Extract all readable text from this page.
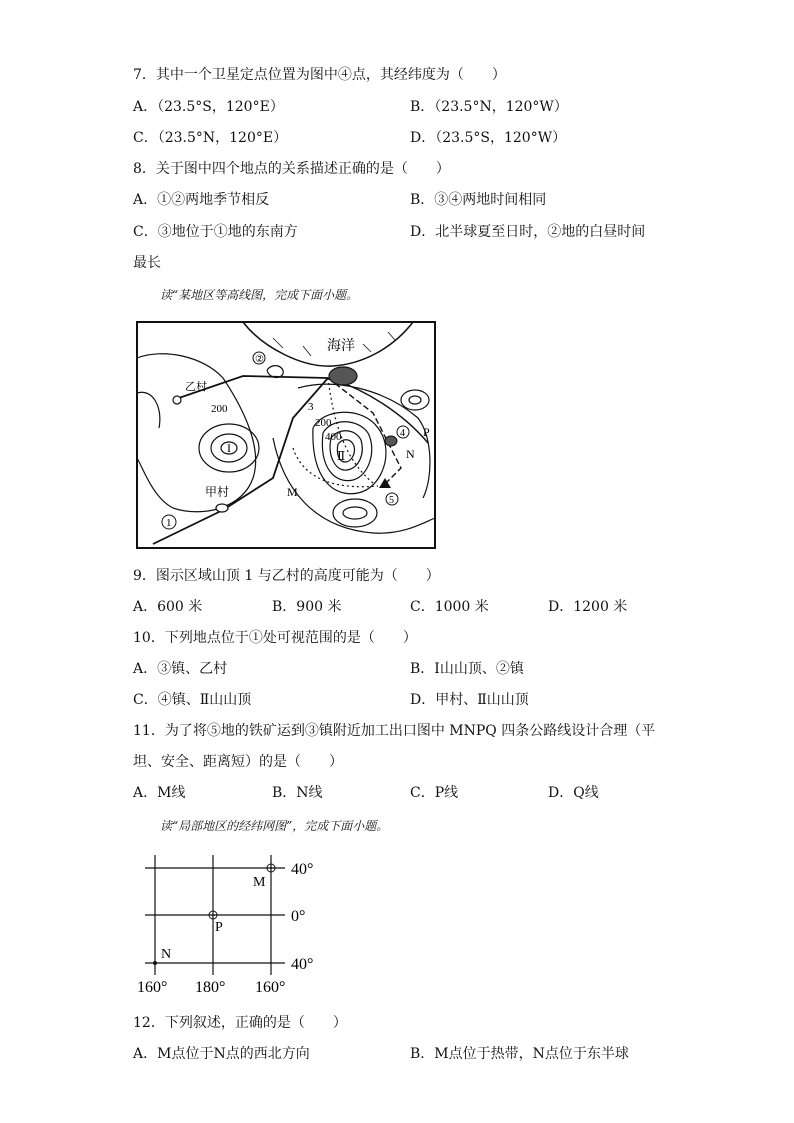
7．其中一个卫星定点位置为图中④点，其经纬度为（　　）
A．（23.5°S，120°E）	B．（23.5°N，120°W）
C．（23.5°N，120°E）	D．（23.5°S，120°W）
8．关于图中四个地点的关系描述正确的是（　　）
A．①②两地季节相反	B．③④两地时间相同
C．③地位于①地的东南方	D．北半球夏至日时，②地的白昼时间
最长
读“某地区等高线图，完成下面小题。
海洋
②
乙村
200
I
3
200
400
Ⅱ
4 P
N
甲村	M
5
1
9．图示区域山顶 1 与乙村的高度可能为（　　）
A．600 米	B．900 米	C．1000 米	D．1200 米
10．下列地点位于①处可视范围的是（　　）
A．③镇、乙村	B．Ⅰ山山顶、②镇
C．④镇、Ⅱ山山顶	D．甲村、Ⅱ山山顶
11．为了将⑤地的铁矿运到③镇附近加工出口图中 MNPQ 四条公路线设计合理（平
坦、安全、距离短）的是（　　）
A．M线	B．N线	C．P线	D．Q线
读“局部地区的经纬网图”，完成下面小题。
M
P
N
40°
0°
40°
160° 180° 160°
12．下列叙述，正确的是（　　）
A．M点位于N点的西北方向	B．M点位于热带，N点位于东半球
